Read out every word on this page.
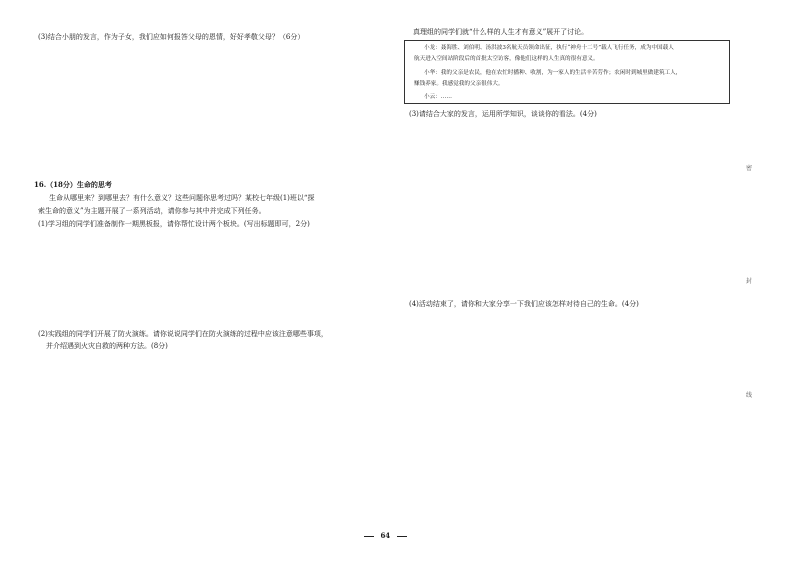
(3)结合小朋的发言，作为子女，我们应如何报答父母的恩情，好好孝敬父母？（6分）
16.（18分）生命的思考
生命从哪里来？到哪里去？有什么意义？这些问题你思考过吗？某校七年级(1)班以“探
索生命的意义”为主题开展了一系列活动，请你参与其中并完成下列任务。
(1)学习组的同学们准备制作一期黑板报，请你帮忙设计两个板块。(写出标题即可，2分)
(2)实践组的同学们开展了防火演练。请你说说同学们在防火演练的过程中应该注意哪些事项，
并介绍遇到火灾自救的两种方法。(8分)
真理组的同学们就“什么样的人生才有意义”展开了讨论。
小龙：聂海胜、刘伯明、汤洪波3名航天员领命出征，执行“神舟十二号”载人飞行任务，成为中国载人
航天进入空间站阶段后的首批太空访客，像他们这样的人生真的很有意义。
小华：我的父亲是农民，他在农忙时播种、收割，为一家人的生活辛苦劳作；农闲时到城里做建筑工人，
赚钱养家。我感觉我的父亲很伟大。
小云：……
(3)请结合大家的发言，运用所学知识，谈谈你的看法。(4分)
(4)活动结束了，请你和大家分享一下我们应该怎样对待自己的生命。(4分)
密
封
线
64
